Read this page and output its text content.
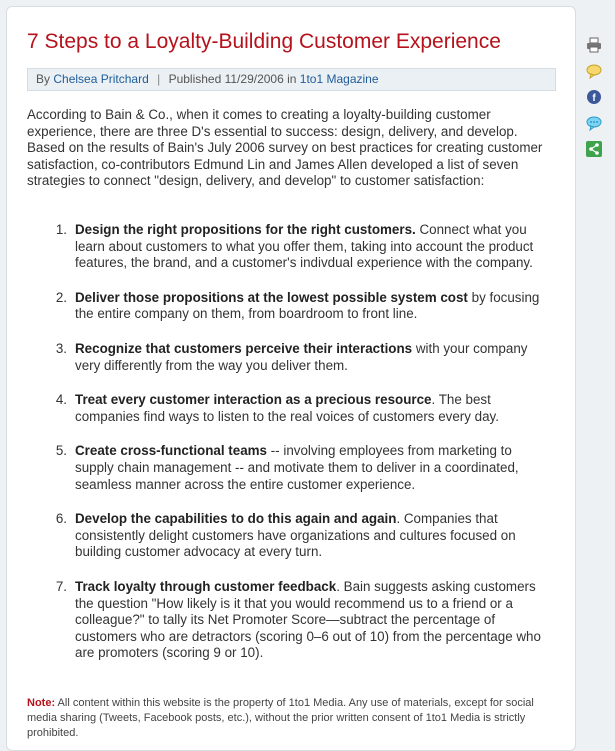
7 Steps to a Loyalty-Building Customer Experience
By Chelsea Pritchard | Published 11/29/2006 in 1to1 Magazine

According to Bain & Co., when it comes to creating a loyalty-building customer experience, there are three D's essential to success: design, delivery, and develop. Based on the results of Bain's July 2006 survey on best practices for creating customer satisfaction, co-contributors Edmund Lin and James Allen developed a list of seven strategies to connect "design, delivery, and develop" to customer satisfaction:

1. Design the right propositions for the right customers. Connect what you learn about customers to what you offer them, taking into account the product features, the brand, and a customer's indivdual experience with the company.
2. Deliver those propositions at the lowest possible system cost by focusing the entire company on them, from boardroom to front line.
3. Recognize that customers perceive their interactions with your company very differently from the way you deliver them.
4. Treat every customer interaction as a precious resource. The best companies find ways to listen to the real voices of customers every day.
5. Create cross-functional teams -- involving employees from marketing to supply chain management -- and motivate them to deliver in a coordinated, seamless manner across the entire customer experience.
6. Develop the capabilities to do this again and again. Companies that consistently delight customers have organizations and cultures focused on building customer advocacy at every turn.
7. Track loyalty through customer feedback. Bain suggests asking customers the question "How likely is it that you would recommend us to a friend or a colleague?" to tally its Net Promoter Score—subtract the percentage of customers who are detractors (scoring 0–6 out of 10) from the percentage who are promoters (scoring 9 or 10).

Note: All content within this website is the property of 1to1 Media. Any use of materials, except for social media sharing (Tweets, Facebook posts, etc.), without the prior written consent of 1to1 Media is strictly prohibited.

f
